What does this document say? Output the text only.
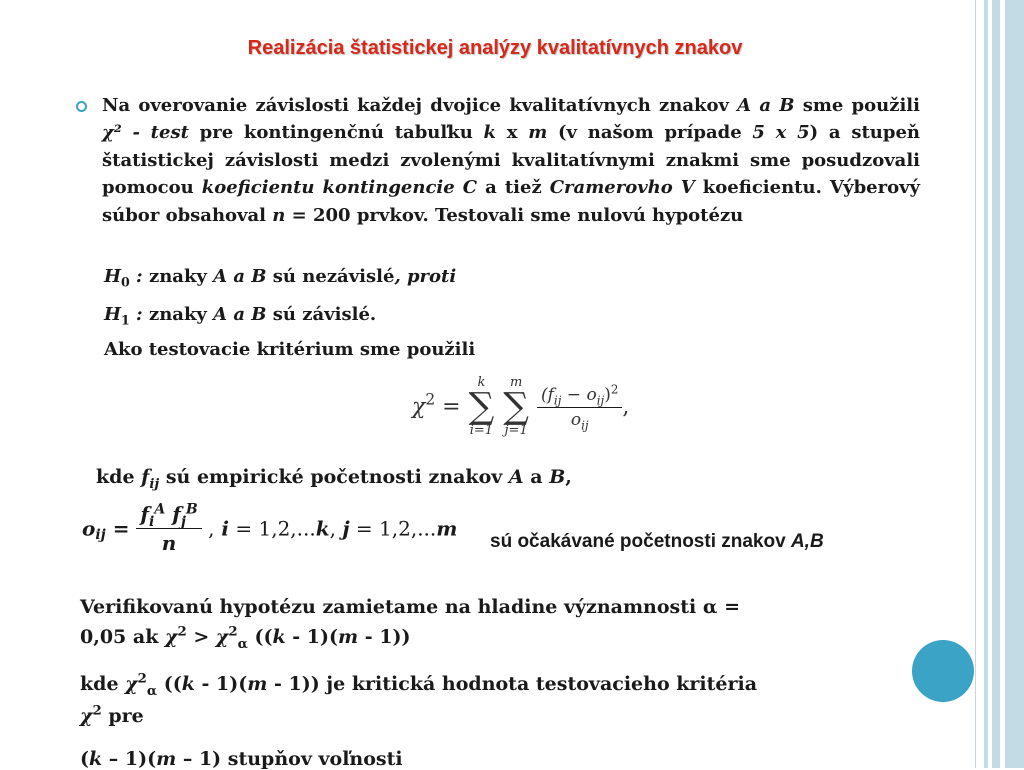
Realizácia štatistickej analýzy kvalitatívnych znakov
Na overovanie závislosti každej dvojice kvalitatívnych znakov A a B sme použili χ² - test pre kontingenčnú tabuľku k x m (v našom prípade 5 x 5) a stupeň štatistickej závislosti medzi zvolenými kvalitatívnymi znakmi sme posudzovali pomocou koeficientu kontingencie C a tiež Cramerovho V koeficientu. Výberový súbor obsahoval n = 200 prvkov. Testovali sme nulovú hypotézu
$H_0$ : znaky A a B sú nezávislé, proti
$H_1$ : znaky A a B sú závislé.
Ako testovacie kritérium sme použili
$\chi^2$ =
k
∑
i=1

m
∑
j=1

$\frac{(f_{ij} - o_{ij})^2}{o_{ij}}$ ,
kde $f_{ij}$ sú empirické početnosti znakov A a B,
$o_{ij} = \frac{f_i^A f_j^B}{n}$ , i = 1,2,...k, j = 1,2,...m
sú očakávané početnosti znakov A,B
Verifikovanú hypotézu zamietame na hladine významnosti α =
0,05 ak $\chi^2 > \chi^2_\alpha$ ((k - 1)(m - 1))
kde $\chi^2_\alpha$ ((k - 1)(m - 1)) je kritická hodnota testovacieho kritéria
$\chi^2$ pre
(k – 1)(m – 1) stupňov voľnosti
